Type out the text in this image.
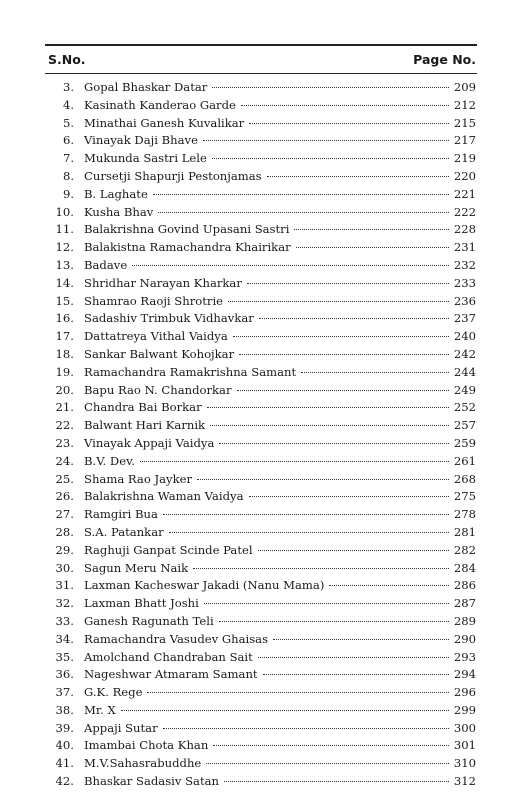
S.No.	Page No.
3. Gopal Bhaskar Datar	209
4. Kasinath Kanderao Garde	212
5. Minathai Ganesh Kuvalikar	215
6. Vinayak Daji Bhave	217
7. Mukunda Sastri Lele	219
8. Cursetji Shapurji Pestonjamas	220
9. B. Laghate	221
10. Kusha Bhav	222
11. Balakrishna Govind Upasani Sastri	228
12. Balakistna Ramachandra Khairikar	231
13. Badave	232
14. Shridhar Narayan Kharkar	233
15. Shamrao Raoji Shrotrie	236
16. Sadashiv Trimbuk Vidhavkar	237
17. Dattatreya Vithal Vaidya	240
18. Sankar Balwant Kohojkar	242
19. Ramachandra Ramakrishna Samant	244
20. Bapu Rao N. Chandorkar	249
21. Chandra Bai Borkar	252
22. Balwant Hari Karnik	257
23. Vinayak Appaji Vaidya	259
24. B.V. Dev.	261
25. Shama Rao Jayker	268
26. Balakrishna Waman Vaidya	275
27. Ramgiri Bua	278
28. S.A. Patankar	281
29. Raghuji Ganpat Scinde Patel	282
30. Sagun Meru Naik	284
31. Laxman Kacheswar Jakadi (Nanu Mama)	286
32. Laxman Bhatt Joshi	287
33. Ganesh Ragunath Teli	289
34. Ramachandra Vasudev Ghaisas	290
35. Amolchand Chandraban Sait	293
36. Nageshwar Atmaram Samant	294
37. G.K. Rege	296
38. Mr. X	299
39. Appaji Sutar	300
40. Imambai Chota Khan	301
41. M.V.Sahasrabuddhe	310
42. Bhaskar Sadasiv Satan	312
